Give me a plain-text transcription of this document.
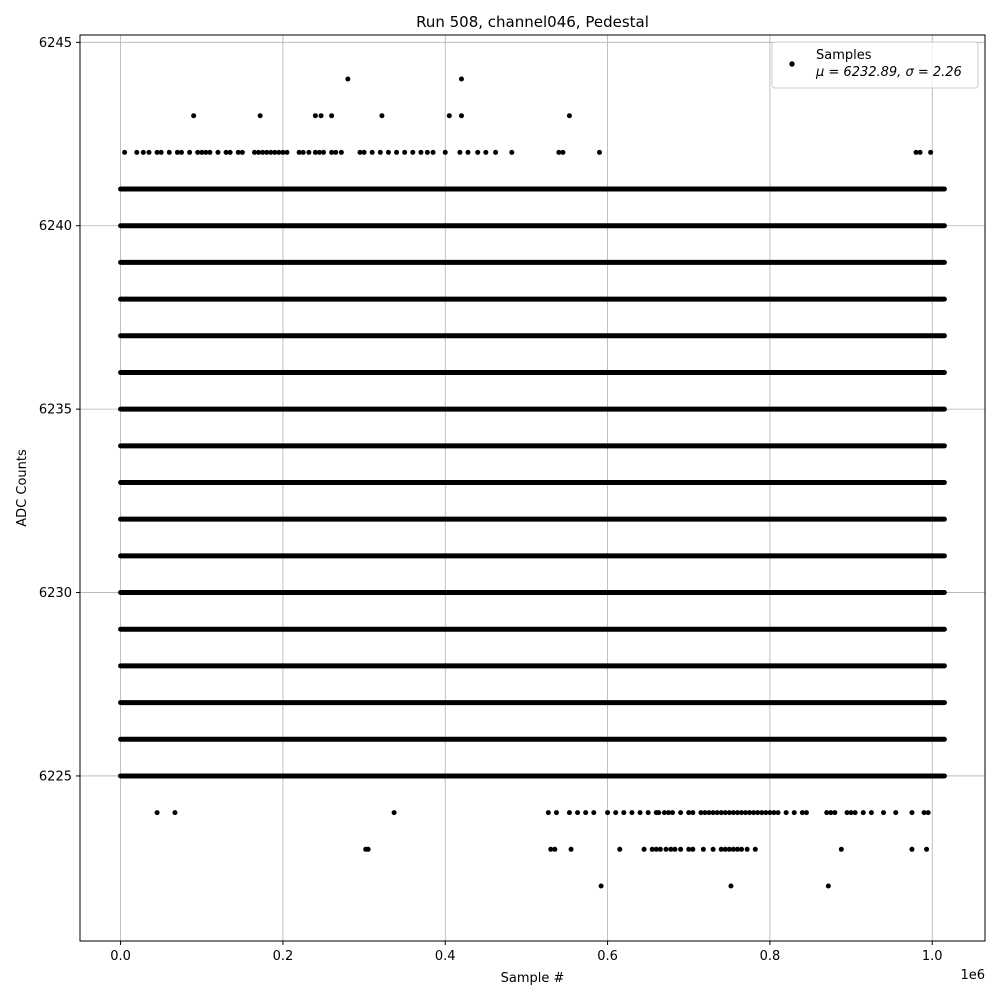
0.0	0.2	0.4	0.6	0.8	1.0
6225
6230
6235
6240
6245
Run 508, channel046, Pedestal
Sample #
ADC Counts
1e6
Samples
μ = 6232.89, σ = 2.26
